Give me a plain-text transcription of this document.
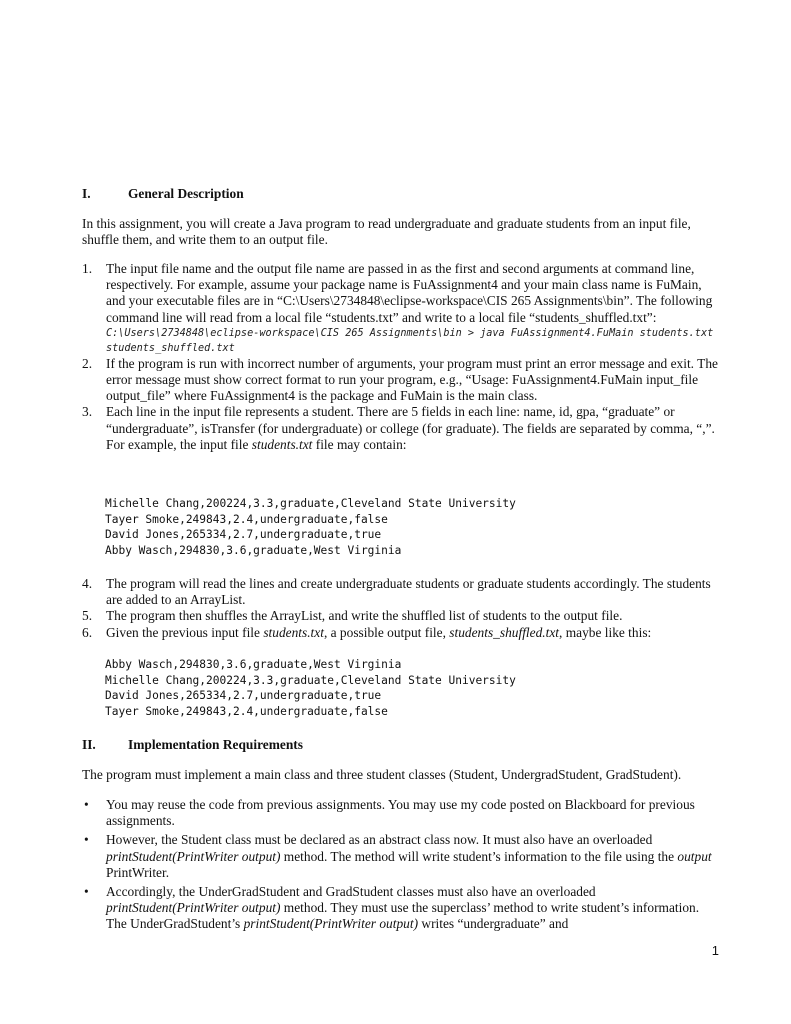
I.	General Description

In this assignment, you will create a Java program to read undergraduate and graduate students from an input file, shuffle them, and write them to an output file.

1. The input file name and the output file name are passed in as the first and second arguments at command line, respectively. For example, assume your package name is FuAssignment4 and your main class name is FuMain, and your executable files are in “C:\Users\2734848\eclipse-workspace\CIS 265 Assignments\bin”. The following command line will read from a local file “students.txt” and write to a local file “students_shuffled.txt”:
C:\Users\2734848\eclipse-workspace\CIS 265 Assignments\bin > java FuAssignment4.FuMain students.txt students_shuffled.txt
2. If the program is run with incorrect number of arguments, your program must print an error message and exit. The error message must show correct format to run your program, e.g., “Usage: FuAssignment4.FuMain input_file output_file” where FuAssignment4 is the package and FuMain is the main class.
3. Each line in the input file represents a student. There are 5 fields in each line: name, id, gpa, “graduate” or “undergraduate”, isTransfer (for undergraduate) or college (for graduate). The fields are separated by comma, “,”. For example, the input file students.txt file may contain:
Michelle Chang,200224,3.3,graduate,Cleveland State University
Tayer Smoke,249843,2.4,undergraduate,false
David Jones,265334,2.7,undergraduate,true
Abby Wasch,294830,3.6,graduate,West Virginia
4. The program will read the lines and create undergraduate students or graduate students accordingly. The students are added to an ArrayList.
5. The program then shuffles the ArrayList, and write the shuffled list of students to the output file.
6. Given the previous input file students.txt, a possible output file, students_shuffled.txt, maybe like this:
Abby Wasch,294830,3.6,graduate,West Virginia
Michelle Chang,200224,3.3,graduate,Cleveland State University
David Jones,265334,2.7,undergraduate,true
Tayer Smoke,249843,2.4,undergraduate,false
II. Implementation Requirements

The program must implement a main class and three student classes (Student, UndergradStudent, GradStudent).

• You may reuse the code from previous assignments. You may use my code posted on Blackboard for previous assignments.
• However, the Student class must be declared as an abstract class now. It must also have an overloaded printStudent(PrintWriter output) method. The method will write student’s information to the file using the output PrintWriter.
• Accordingly, the UnderGradStudent and GradStudent classes must also have an overloaded printStudent(PrintWriter output) method. They must use the superclass’ method to write student’s information. The UnderGradStudent’s printStudent(PrintWriter output) writes “undergraduate” and
1
